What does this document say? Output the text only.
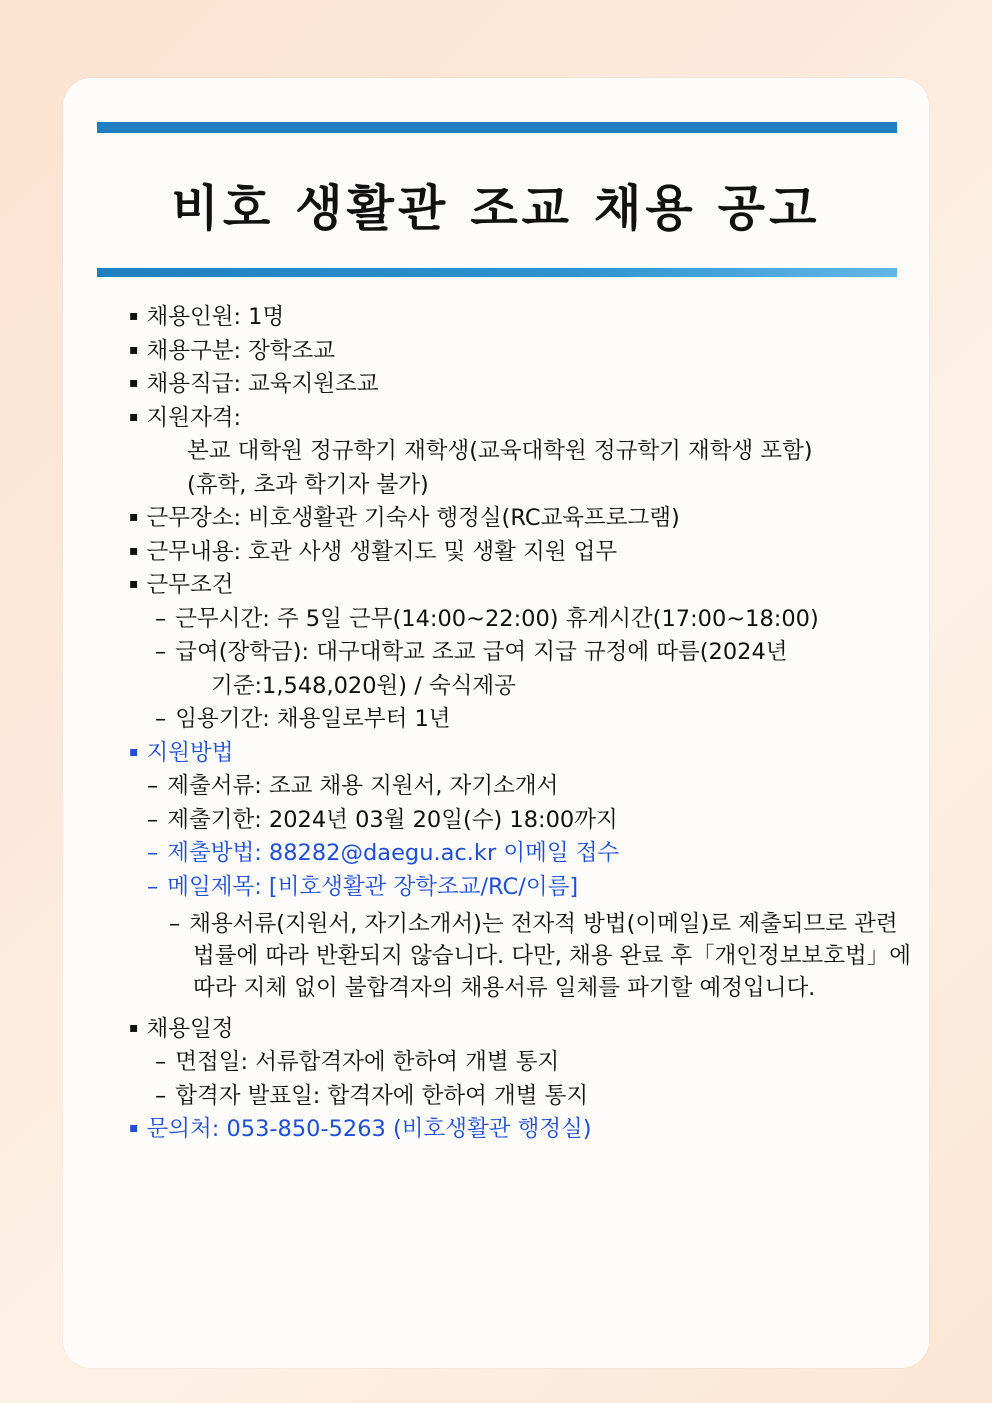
비호 생활관 조교 채용 공고
▪ 채용인원: 1명
▪ 채용구분: 장학조교
▪ 채용직급: 교육지원조교
▪ 지원자격:
본교 대학원 정규학기 재학생(교육대학원 정규학기 재학생 포함)
(휴학, 초과 학기자 불가)
▪ 근무장소: 비호생활관 기숙사 행정실(RC교육프로그램)
▪ 근무내용: 호관 사생 생활지도 및 생활 지원 업무
▪ 근무조건
– 근무시간: 주 5일 근무(14:00~22:00) 휴게시간(17:00~18:00)
– 급여(장학금): 대구대학교 조교 급여 지급 규정에 따름(2024년
기준:1,548,020원) / 숙식제공
– 임용기간: 채용일로부터 1년
▪ 지원방법
– 제출서류: 조교 채용 지원서, 자기소개서
– 제출기한: 2024년 03월 20일(수) 18:00까지
– 제출방법: 88282@daegu.ac.kr 이메일 접수
– 메일제목: [비호생활관 장학조교/RC/이름]
– 채용서류(지원서, 자기소개서)는 전자적 방법(이메일)로 제출되므로 관련 법률에 따라 반환되지 않습니다. 다만, 채용 완료 후「개인정보보호법」에 따라 지체 없이 불합격자의 채용서류 일체를 파기할 예정입니다.
▪ 채용일정
– 면접일: 서류합격자에 한하여 개별 통지
– 합격자 발표일: 합격자에 한하여 개별 통지
▪ 문의처: 053-850-5263 (비호생활관 행정실)
